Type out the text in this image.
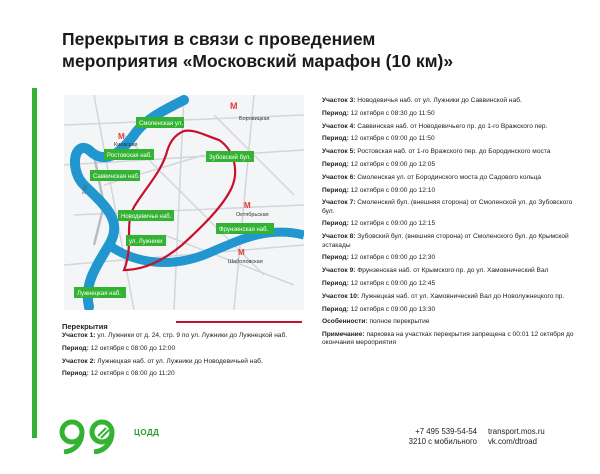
Перекрытия в связи с проведением
мероприятия «Московский марафон (10 км)»
М
Боровицкая
М
Киевская
М
Октябрьская
М
Шаболовская
ТТК
Смоленская ул.
Ростовская наб.
Саввинская наб.
Зубовский бул.
Новодевичья наб.
Фрунзенская наб.
ул. Лужники
Лужнецкая наб.
Перекрытия

Участок 1: ул. Лужники от д. 24, стр. 9 по ул. Лужники до Лужнецкой наб.

Период: 12 октября с 08:00 до 12:00

Участок 2: Лужнецкая наб. от ул. Лужники до Новодевичьей наб.

Период: 12 октября с 08:00 до 11:20

Участок 3: Новодевичья наб. от ул. Лужники до Саввинской наб.

Период: 12 октября с 08:30 до 11:50

Участок 4: Саввинская наб. от Новодевичьего пр. до 1-го Вражского пер.

Период: 12 октября с 09:00 до 11:50

Участок 5: Ростовская наб. от 1-го Вражского пер. до Бородинского моста

Период: 12 октября с 09:00 до 12:05

Участок 6: Смоленская ул. от Бородинского моста до Садового кольца

Период: 12 октября с 09:00 до 12:10

Участок 7: Смоленский бул. (внешняя сторона) от Смоленской ул. до Зубовского бул.

Период: 12 октября с 09:00 до 12:15

Участок 8: Зубовский бул. (внешняя сторона) от Смоленского бул. до Крымской эстакады

Период: 12 октября с 09:00 до 12:30

Участок 9: Фрунзенская наб. от Крымского пр. до ул. Хамовнический Вал

Период: 12 октября с 09:00 до 12:45

Участок 10: Лужнецкая наб. от ул. Хамовнический Вал до Новолужнецкого пр.

Период: 12 октября с 09:00 до 13:30

Особенности: полное перекрытие

Примечание: парковка на участках перекрытия запрещена с 00:01 12 октября до окончания мероприятия

ЦОДД	+7 495 539-54-54
3210 с мобильного
transport.mos.ru
vk.com/dtroad
